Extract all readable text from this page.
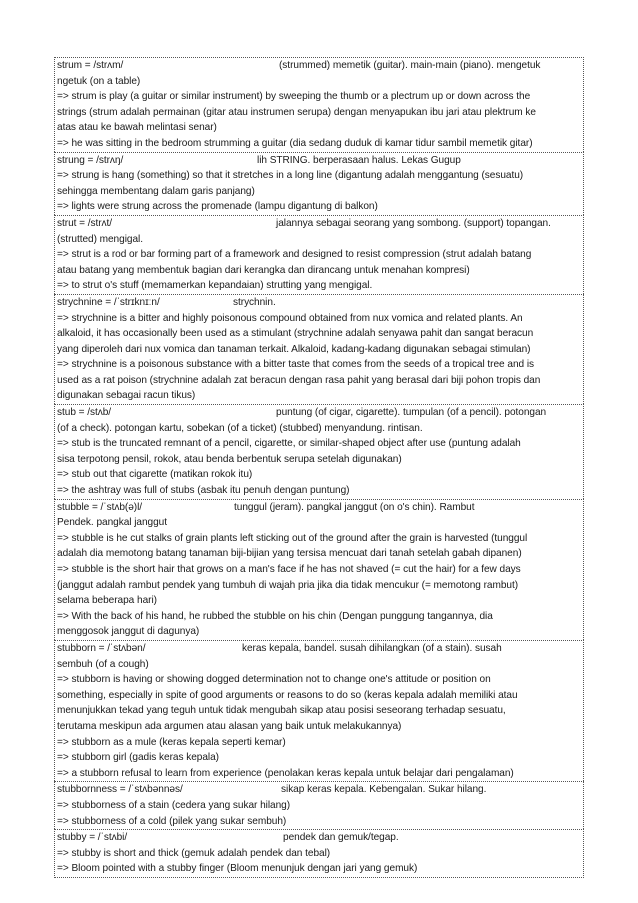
strum = /strʌm/	(strummed) memetik (guitar). main-main (piano). mengetuk
ngetuk (on a table)
=> strum is play (a guitar or similar instrument) by sweeping the thumb or a plectrum up or down across the
strings (strum adalah permainan (gitar atau instrumen serupa) dengan menyapukan ibu jari atau plektrum ke
atas atau ke bawah melintasi senar)
=> he was sitting in the bedroom strumming a guitar (dia sedang duduk di kamar tidur sambil memetik gitar)
strung = /strʌŋ/	lih STRING. berperasaan halus. Lekas Gugup
=> strung is hang (something) so that it stretches in a long line (digantung adalah menggantung (sesuatu)
sehingga membentang dalam garis panjang)
=> lights were strung across the promenade (lampu digantung di balkon)
strut = /strʌt/	jalannya sebagai seorang yang sombong. (support) topangan.
(strutted) mengigal.
=> strut is a rod or bar forming part of a framework and designed to resist compression (strut adalah batang
atau batang yang membentuk bagian dari kerangka dan dirancang untuk menahan kompresi)
=> to strut o's stuff (memamerkan kepandaian) strutting yang mengigal.
strychnine = /ˈstrɪknɪːn/	strychnin.
=> strychnine is a bitter and highly poisonous compound obtained from nux vomica and related plants. An
alkaloid, it has occasionally been used as a stimulant (strychnine adalah senyawa pahit dan sangat beracun
yang diperoleh dari nux vomica dan tanaman terkait. Alkaloid, kadang-kadang digunakan sebagai stimulan)
=> strychnine is a poisonous substance with a bitter taste that comes from the seeds of a tropical tree and is
used as a rat poison (strychnine adalah zat beracun dengan rasa pahit yang berasal dari biji pohon tropis dan
digunakan sebagai racun tikus)
stub = /stʌb/	puntung (of cigar, cigarette). tumpulan (of a pencil). potongan
(of a check). potongan kartu, sobekan (of a ticket) (stubbed) menyandung. rintisan.
=> stub is the truncated remnant of a pencil, cigarette, or similar-shaped object after use (puntung adalah
sisa terpotong pensil, rokok, atau benda berbentuk serupa setelah digunakan)
=> stub out that cigarette (matikan rokok itu)
=> the ashtray was full of stubs (asbak itu penuh dengan puntung)
stubble = /ˈstʌb(ə)l/	tunggul (jeram). pangkal janggut (on o's chin). Rambut
Pendek. pangkal janggut
=> stubble is he cut stalks of grain plants left sticking out of the ground after the grain is harvested (tunggul
adalah dia memotong batang tanaman biji-bijian yang tersisa mencuat dari tanah setelah gabah dipanen)
=> stubble is the short hair that grows on a man's face if he has not shaved (= cut the hair) for a few days
(janggut adalah rambut pendek yang tumbuh di wajah pria jika dia tidak mencukur (= memotong rambut)
selama beberapa hari)
=> With the back of his hand, he rubbed the stubble on his chin (Dengan punggung tangannya, dia
menggosok janggut di dagunya)
stubborn = /ˈstʌbən/	keras kepala, bandel. susah dihilangkan (of a stain). susah
sembuh (of a cough)
=> stubborn is having or showing dogged determination not to change one's attitude or position on
something, especially in spite of good arguments or reasons to do so (keras kepala adalah memiliki atau
menunjukkan tekad yang teguh untuk tidak mengubah sikap atau posisi seseorang terhadap sesuatu,
terutama meskipun ada argumen atau alasan yang baik untuk melakukannya)
=> stubborn as a mule (keras kepala seperti kemar)
=> stubborn girl (gadis keras kepala)
=> a stubborn refusal to learn from experience (penolakan keras kepala untuk belajar dari pengalaman)
stubbornness = /ˈstʌbənnəs/	sikap keras kepala. Kebengalan. Sukar hilang.
=> stubborness of a stain (cedera yang sukar hilang)
=> stubborness of a cold (pilek yang sukar sembuh)
stubby = /ˈstʌbi/	pendek dan gemuk/tegap.
=> stubby is short and thick (gemuk adalah pendek dan tebal)
=> Bloom pointed with a stubby finger (Bloom menunjuk dengan jari yang gemuk)
